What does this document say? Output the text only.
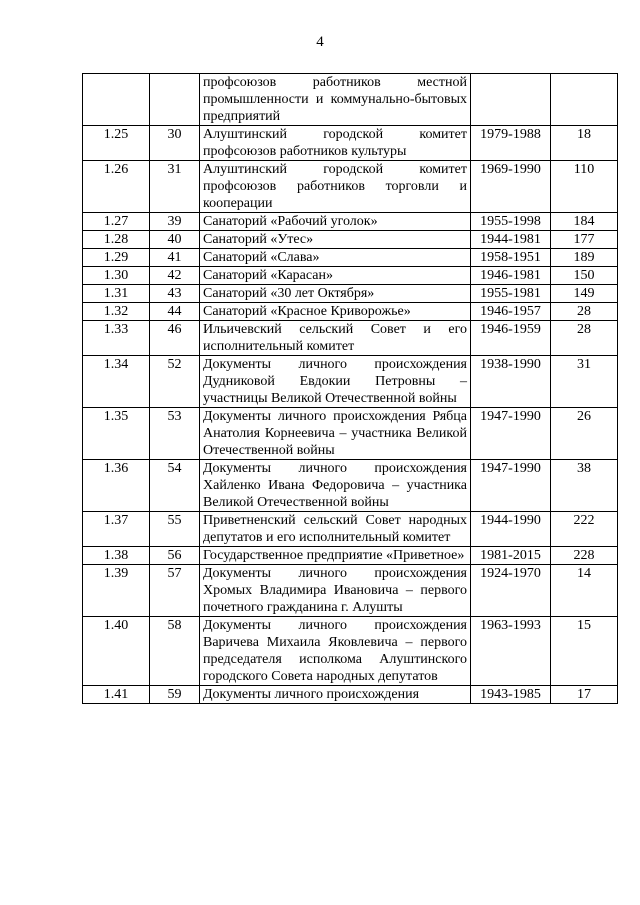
4
		профсоюзов работников местной промышленности и коммунально-бытовых предприятий		
1.25	30	Алуштинский городской комитет профсоюзов работников культуры	1979-1988	18
1.26	31	Алуштинский городской комитет профсоюзов работников торговли и кооперации	1969-1990	110
1.27	39	Санаторий «Рабочий уголок»	1955-1998	184
1.28	40	Санаторий «Утес»	1944-1981	177
1.29	41	Санаторий «Слава»	1958-1951	189
1.30	42	Санаторий «Карасан»	1946-1981	150
1.31	43	Санаторий «30 лет Октября»	1955-1981	149
1.32	44	Санаторий «Красное Криворожье»	1946-1957	28
1.33	46	Ильичевский сельский Совет и его исполнительный комитет	1946-1959	28
1.34	52	Документы личного происхождения Дудниковой Евдокии Петровны – участницы Великой Отечественной войны	1938-1990	31
1.35	53	Документы личного происхождения Рябца Анатолия Корнеевича – участника Великой Отечественной войны	1947-1990	26
1.36	54	Документы личного происхождения Хайленко Ивана Федоровича – участника Великой Отечественной войны	1947-1990	38
1.37	55	Приветненский сельский Совет народных депутатов и его исполнительный комитет	1944-1990	222
1.38	56	Государственное предприятие «Приветное»	1981-2015	228
1.39	57	Документы личного происхождения Хромых Владимира Ивановича – первого почетного гражданина г. Алушты	1924-1970	14
1.40	58	Документы личного происхождения Варичева Михаила Яковлевича – первого председателя исполкома Алуштинского городского Совета народных депутатов	1963-1993	15
1.41	59	Документы личного происхождения	1943-1985	17
